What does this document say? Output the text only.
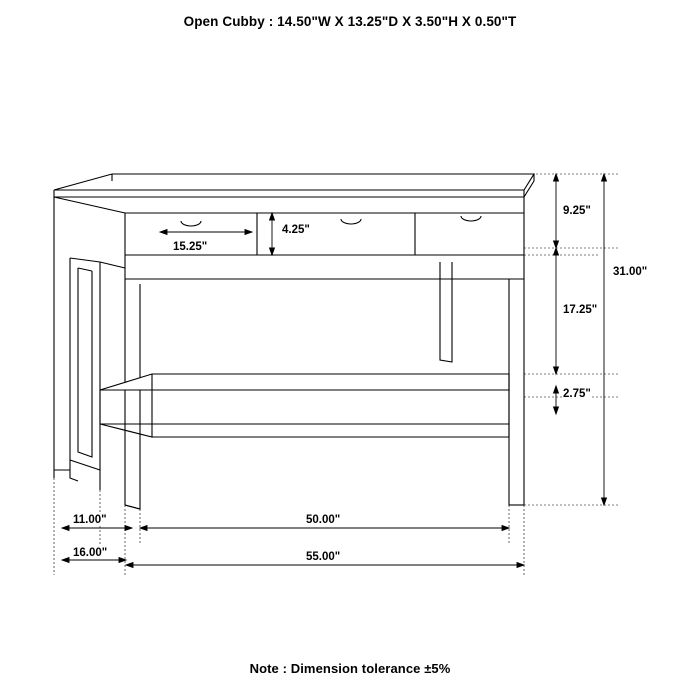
Open Cubby : 14.50"W X 13.25"D X 3.50"H X 0.50"T
15.25"
4.25"
9.25"
17.25"
2.75"
31.00"
11.00"
16.00"
50.00"
55.00"
Note : Dimension tolerance ±5%
